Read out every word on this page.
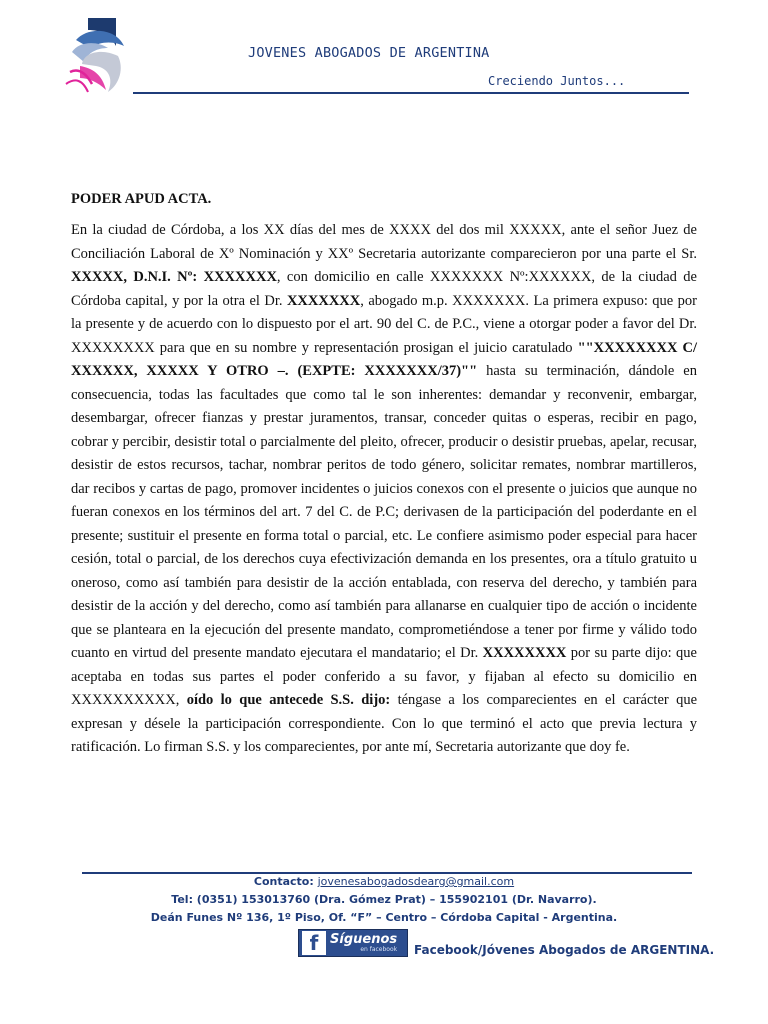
JOVENES ABOGADOS DE ARGENTINA
Creciendo Juntos...
PODER APUD ACTA.
En la ciudad de Córdoba, a los XX días del mes de XXXX del dos mil XXXXX, ante el señor Juez de Conciliación Laboral de Xº Nominación y XXº Secretaria autorizante comparecieron por una parte el Sr. XXXXX, D.N.I. Nº: XXXXXXX, con domicilio en calle XXXXXXX Nº:XXXXXX, de la ciudad de Córdoba capital, y por la otra el Dr. XXXXXXX, abogado m.p. XXXXXXX. La primera expuso: que por la presente y de acuerdo con lo dispuesto por el art. 90 del C. de P.C., viene a otorgar poder a favor del Dr. XXXXXXXX para que en su nombre y representación prosigan el juicio caratulado ""XXXXXXXX C/ XXXXXX, XXXXX Y OTRO –. (EXPTE: XXXXXXX/37)"" hasta su terminación, dándole en consecuencia, todas las facultades que como tal le son inherentes: demandar y reconvenir, embargar, desembargar, ofrecer fianzas y prestar juramentos, transar, conceder quitas o esperas, recibir en pago, cobrar y percibir, desistir total o parcialmente del pleito, ofrecer, producir o desistir pruebas, apelar, recusar, desistir de estos recursos, tachar, nombrar peritos de todo género, solicitar remates, nombrar martilleros, dar recibos y cartas de pago, promover incidentes o juicios conexos con el presente o juicios que aunque no fueran conexos en los términos del art. 7 del C. de P.C; derivasen de la participación del poderdante en el presente; sustituir el presente en forma total o parcial, etc. Le confiere asimismo poder especial para hacer cesión, total o parcial, de los derechos cuya efectivización demanda en los presentes, ora a título gratuito u oneroso, como así también para desistir de la acción entablada, con reserva del derecho, y también para desistir de la acción y del derecho, como así también para allanarse en cualquier tipo de acción o incidente que se planteara en la ejecución del presente mandato, comprometiéndose a tener por firme y válido todo cuanto en virtud del presente mandato ejecutara el mandatario; el Dr. XXXXXXXX por su parte dijo: que aceptaba en todas sus partes el poder conferido a su favor, y fijaban al efecto su domicilio en XXXXXXXXXX, oído lo que antecede S.S. dijo: téngase a los comparecientes en el carácter que expresan y désele la participación correspondiente. Con lo que terminó el acto que previa lectura y ratificación. Lo firman S.S. y los comparecientes, por ante mí, Secretaria autorizante que doy fe.
Contacto: jovenesabogadosdearg@gmail.com
Tel: (0351) 153013760 (Dra. Gómez Prat) – 155902101 (Dr. Navarro).
Deán Funes Nº 136, 1º Piso, Of. “F” – Centro – Córdoba Capital - Argentina.
f Síguenos
en facebook Facebook/Jóvenes Abogados de ARGENTINA.
